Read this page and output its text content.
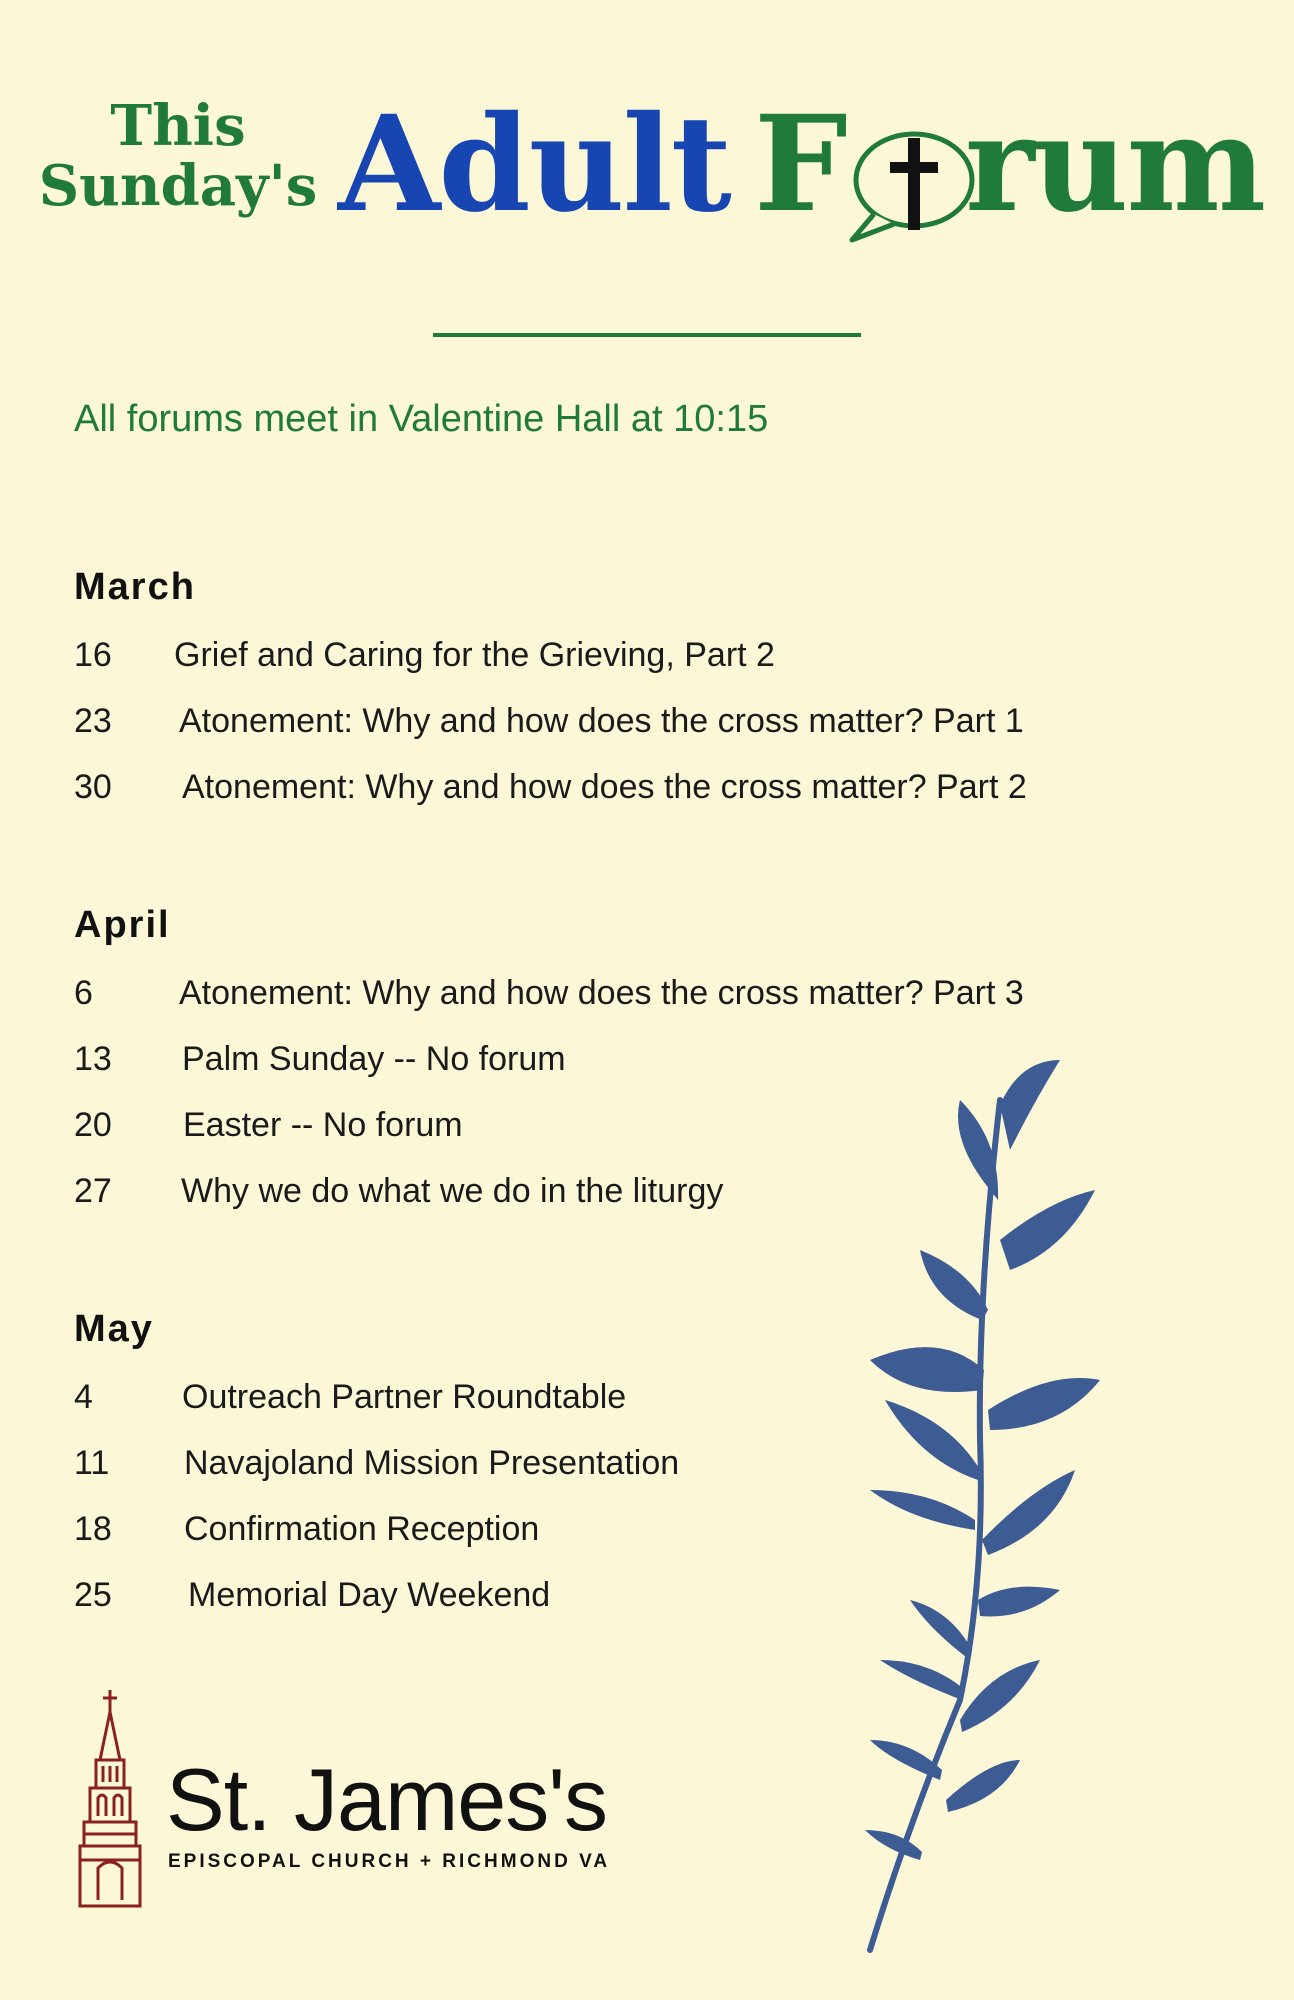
This
Sunday's Adult F rum
All forums meet in Valentine Hall at 10:15
March
16 Grief and Caring for the Grieving, Part 2
23 Atonement: Why and how does the cross matter? Part 1
30 Atonement: Why and how does the cross matter? Part 2
April
6	Atonement: Why and how does the cross matter? Part 3
13 Palm Sunday -- No forum
20 Easter -- No forum
27 Why we do what we do in the liturgy
May
4	Outreach Partner Roundtable
11 Navajoland Mission Presentation
18 Confirmation Reception
25 Memorial Day Weekend
St. James's
EPISCOPAL CHURCH + RICHMOND VA
